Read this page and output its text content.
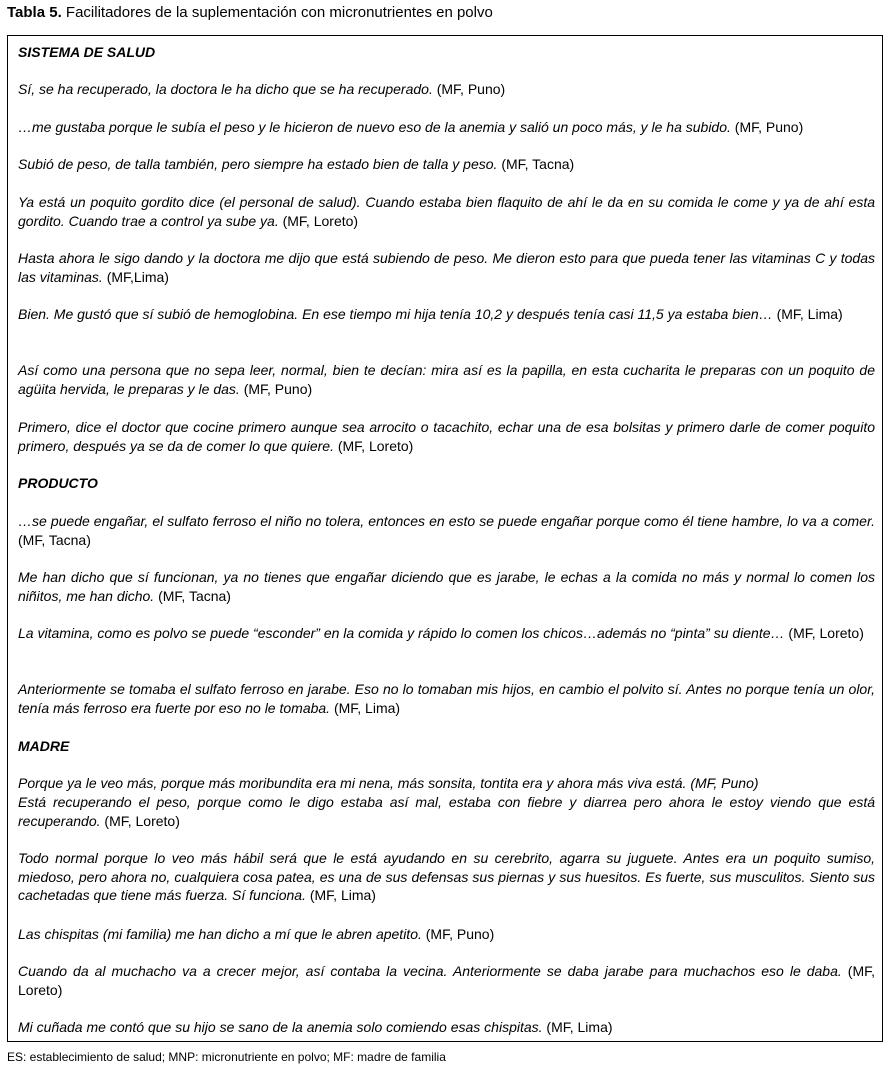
Tabla 5. Facilitadores de la suplementación con micronutrientes en polvo
SISTEMA DE SALUD
Sí, se ha recuperado, la doctora le ha dicho que se ha recuperado. (MF, Puno)
…me gustaba porque le subía el peso y le hicieron de nuevo eso de la anemia y salió un poco más, y le ha subido. (MF, Puno)
Subió de peso, de talla también, pero siempre ha estado bien de talla y peso. (MF, Tacna)
Ya está un poquito gordito dice (el personal de salud). Cuando estaba bien flaquito de ahí le da en su comida le come y ya de ahí esta gordito. Cuando trae a control ya sube ya. (MF, Loreto)
Hasta ahora le sigo dando y la doctora me dijo que está subiendo de peso. Me dieron esto para que pueda tener las vitaminas C y todas las vitaminas. (MF,Lima)
Bien. Me gustó que sí subió de hemoglobina. En ese tiempo mi hija tenía 10,2 y después tenía casi 11,5 ya estaba bien… (MF, Lima)
Así como una persona que no sepa leer, normal, bien te decían: mira así es la papilla, en esta cucharita le preparas con un poquito de agüita hervida, le preparas y le das. (MF, Puno)
Primero, dice el doctor que cocine primero aunque sea arrocito o tacachito, echar una de esa bolsitas y primero darle de comer poquito primero, después ya se da de comer lo que quiere. (MF, Loreto)
PRODUCTO
…se puede engañar, el sulfato ferroso el niño no tolera, entonces en esto se puede engañar porque como él tiene hambre, lo va a comer. (MF, Tacna)
Me han dicho que sí funcionan, ya no tienes que engañar diciendo que es jarabe, le echas a la comida no más y normal lo comen los niñitos, me han dicho. (MF, Tacna)
La vitamina, como es polvo se puede “esconder” en la comida y rápido lo comen los chicos…además no “pinta” su diente… (MF, Loreto)
Anteriormente se tomaba el sulfato ferroso en jarabe. Eso no lo tomaban mis hijos, en cambio el polvito sí. Antes no porque tenía un olor, tenía más ferroso era fuerte por eso no le tomaba. (MF, Lima)
MADRE
Porque ya le veo más, porque más moribundita era mi nena, más sonsita, tontita era y ahora más viva está. (MF, Puno)
Está recuperando el peso, porque como le digo estaba así mal, estaba con fiebre y diarrea pero ahora le estoy viendo que está recuperando. (MF, Loreto)
Todo normal porque lo veo más hábil será que le está ayudando en su cerebrito, agarra su juguete. Antes era un poquito sumiso, miedoso, pero ahora no, cualquiera cosa patea, es una de sus defensas sus piernas y sus huesitos. Es fuerte, sus musculitos. Siento sus cachetadas que tiene más fuerza. Sí funciona. (MF, Lima)
Las chispitas (mi familia) me han dicho a mí que le abren apetito. (MF, Puno)
Cuando da al muchacho va a crecer mejor, así contaba la vecina. Anteriormente se daba jarabe para muchachos eso le daba. (MF, Loreto)
Mi cuñada me contó que su hijo se sano de la anemia solo comiendo esas chispitas. (MF, Lima)
ES: establecimiento de salud; MNP: micronutriente en polvo; MF: madre de familia
